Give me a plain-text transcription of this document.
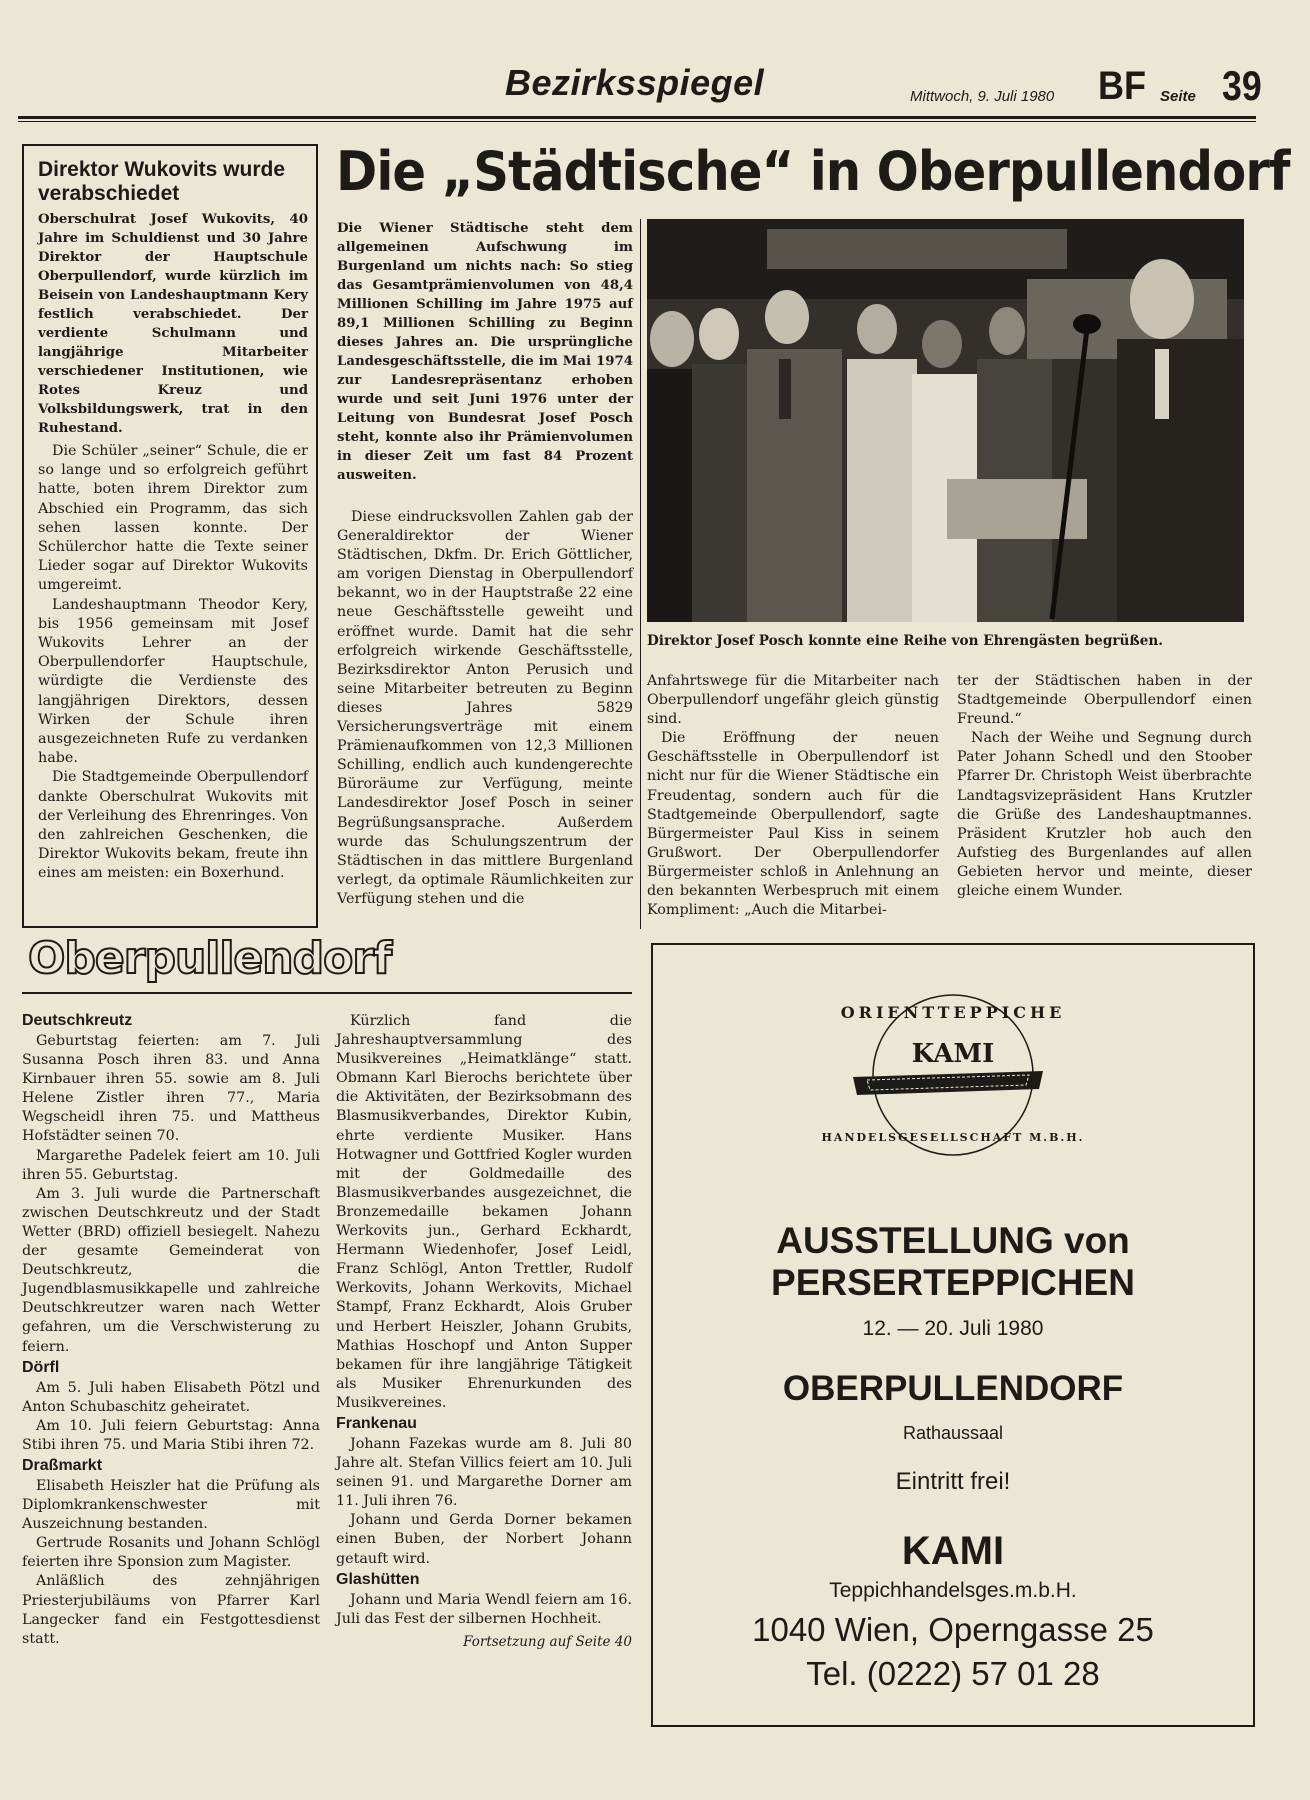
Bezirksspiegel	Mittwoch, 9. Juli 1980 BF Seite 39
Direktor Wukovits wurde verabschiedet
Oberschulrat Josef Wukovits, 40 Jahre im Schuldienst und 30 Jahre Direktor der Hauptschule Oberpullendorf, wurde kürzlich im Beisein von Landeshauptmann Kery festlich verabschiedet. Der verdiente Schulmann und langjährige Mitarbeiter verschiedener Institutionen, wie Rotes Kreuz und Volksbildungswerk, trat in den Ruhestand.

Die Schüler „seiner“ Schule, die er so lange und so erfolgreich geführt hatte, boten ihrem Direktor zum Abschied ein Programm, das sich sehen lassen konnte. Der Schülerchor hatte die Texte seiner Lieder sogar auf Direktor Wukovits umgereimt.

Landeshauptmann Theodor Kery, bis 1956 gemeinsam mit Josef Wukovits Lehrer an der Oberpullendorfer Hauptschule, würdigte die Verdienste des langjährigen Direktors, dessen Wirken der Schule ihren ausgezeichneten Rufe zu verdanken habe.

Die Stadtgemeinde Oberpullendorf dankte Oberschulrat Wukovits mit der Verleihung des Ehrenringes. Von den zahlreichen Geschenken, die Direktor Wukovits bekam, freute ihn eines am meisten: ein Boxerhund.

Die „Städtische“ in Oberpullendorf
Die Wiener Städtische steht dem allgemeinen Aufschwung im Burgenland um nichts nach: So stieg das Gesamtprämienvolumen von 48,4 Millionen Schilling im Jahre 1975 auf 89,1 Millionen Schilling zu Beginn dieses Jahres an. Die ursprüngliche Landesgeschäftsstelle, die im Mai 1974 zur Landesrepräsentanz erhoben wurde und seit Juni 1976 unter der Leitung von Bundesrat Josef Posch steht, konnte also ihr Prämienvolumen in dieser Zeit um fast 84 Prozent ausweiten.

Diese eindrucksvollen Zahlen gab der Generaldirektor der Wiener Städtischen, Dkfm. Dr. Erich Göttlicher, am vorigen Dienstag in Oberpullendorf bekannt, wo in der Hauptstraße 22 eine neue Geschäftsstelle geweiht und eröffnet wurde. Damit hat die sehr erfolgreich wirkende Geschäftsstelle, Bezirksdirektor Anton Perusich und seine Mitarbeiter betreuten zu Beginn dieses Jahres 5829 Versicherungsverträge mit einem Prämienaufkommen von 12,3 Millionen Schilling, endlich auch kundengerechte Büroräume zur Verfügung, meinte Landesdirektor Josef Posch in seiner Begrüßungsansprache. Außerdem wurde das Schulungszentrum der Städtischen in das mittlere Burgenland verlegt, da optimale Räumlichkeiten zur Verfügung stehen und die

Direktor Josef Posch konnte eine Reihe von Ehrengästen begrüßen.
Anfahrtswege für die Mitarbeiter nach Oberpullendorf ungefähr gleich günstig sind.

Die Eröffnung der neuen Geschäftsstelle in Oberpullendorf ist nicht nur für die Wiener Städtische ein Freudentag, sondern auch für die Stadtgemeinde Oberpullendorf, sagte Bürgermeister Paul Kiss in seinem Grußwort. Der Oberpullendorfer Bürgermeister schloß in Anlehnung an den bekannten Werbespruch mit einem Kompliment: „Auch die Mitarbei-

ter der Städtischen haben in der Stadtgemeinde Oberpullendorf einen Freund.“

Nach der Weihe und Segnung durch Pater Johann Schedl und den Stoober Pfarrer Dr. Christoph Weist überbrachte Landtagsvizepräsident Hans Krutzler die Grüße des Landeshauptmannes. Präsident Krutzler hob auch den Aufstieg des Burgenlandes auf allen Gebieten hervor und meinte, dieser gleiche einem Wunder.

Oberpullendorf
Deutschkreutz

Geburtstag feierten: am 7. Juli Susanna Posch ihren 83. und Anna Kirnbauer ihren 55. sowie am 8. Juli Helene Zistler ihren 77., Maria Wegscheidl ihren 75. und Mattheus Hofstädter seinen 70.

Margarethe Padelek feiert am 10. Juli ihren 55. Geburtstag.

Am 3. Juli wurde die Partnerschaft zwischen Deutschkreutz und der Stadt Wetter (BRD) offiziell besiegelt. Nahezu der gesamte Gemeinderat von Deutschkreutz, die Jugendblasmusikkapelle und zahlreiche Deutschkreutzer waren nach Wetter gefahren, um die Verschwisterung zu feiern.

Dörfl

Am 5. Juli haben Elisabeth Pötzl und Anton Schubaschitz geheiratet.

Am 10. Juli feiern Geburtstag: Anna Stibi ihren 75. und Maria Stibi ihren 72.

Draßmarkt

Elisabeth Heiszler hat die Prüfung als Diplomkrankenschwester mit Auszeichnung bestanden.

Gertrude Rosanits und Johann Schlögl feierten ihre Sponsion zum Magister.

Anläßlich des zehnjährigen Priesterjubiläums von Pfarrer Karl Langecker fand ein Festgottesdienst statt.

Kürzlich fand die Jahreshauptversammlung des Musikvereines „Heimatklänge“ statt. Obmann Karl Bierochs berichtete über die Aktivitäten, der Bezirksobmann des Blasmusikverbandes, Direktor Kubin, ehrte verdiente Musiker. Hans Hotwagner und Gottfried Kogler wurden mit der Goldmedaille des Blasmusikverbandes ausgezeichnet, die Bronzemedaille bekamen Johann Werkovits jun., Gerhard Eckhardt, Hermann Wiedenhofer, Josef Leidl, Franz Schlögl, Anton Trettler, Rudolf Werkovits, Johann Werkovits, Michael Stampf, Franz Eckhardt, Alois Gruber und Herbert Heiszler, Johann Grubits, Mathias Hoschopf und Anton Supper bekamen für ihre langjährige Tätigkeit als Musiker Ehrenurkunden des Musikvereines.

Frankenau

Johann Fazekas wurde am 8. Juli 80 Jahre alt. Stefan Villics feiert am 10. Juli seinen 91. und Margarethe Dorner am 11. Juli ihren 76.

Johann und Gerda Dorner bekamen einen Buben, der Norbert Johann getauft wird.

Glashütten

Johann und Maria Wendl feiern am 16. Juli das Fest der silbernen Hochheit.

Fortsetzung auf Seite 40
ORIENTTEPPICHE
KAMI
HANDELSGESELLSCHAFT M.B.H.
AUSSTELLUNG von
PERSERTEPPICHEN
12. — 20. Juli 1980
OBERPULLENDORF
Rathaussaal
Eintritt frei!
KAMI
Teppichhandelsges.m.b.H.
1040 Wien, Operngasse 25
Tel. (0222) 57 01 28
